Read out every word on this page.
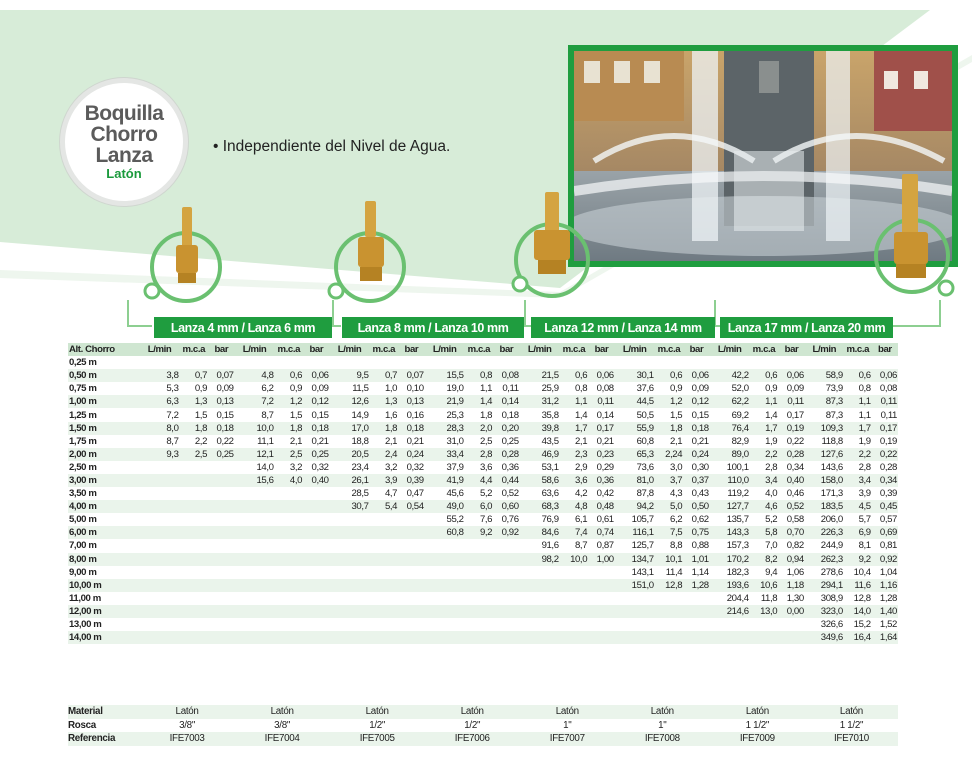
Boquilla
Chorro
Lanza
Latón
• Independiente del Nivel de Agua.
Lanza 4 mm / Lanza 6 mm	Lanza 8 mm / Lanza 10 mm	Lanza 12 mm / Lanza 14 mm	Lanza 17 mm / Lanza 20 mm
Alt. Chorro	L/min	m.c.a	bar	L/min	m.c.a	bar	L/min	m.c.a	bar	L/min	m.c.a	bar	L/min	m.c.a	bar	L/min	m.c.a	bar	L/min	m.c.a	bar	L/min	m.c.a	bar
0,25 m																								
0,50 m	3,8	0,7	0,07	4,8	0,6	0,06	9,5	0,7	0,07	15,5	0,8	0,08	21,5	0,6	0,06	30,1	0,6	0,06	42,2	0,6	0,06	58,9	0,6	0,06
0,75 m	5,3	0,9	0,09	6,2	0,9	0,09	11,5	1,0	0,10	19,0	1,1	0,11	25,9	0,8	0,08	37,6	0,9	0,09	52,0	0,9	0,09	73,9	0,8	0,08
1,00 m	6,3	1,3	0,13	7,2	1,2	0,12	12,6	1,3	0,13	21,9	1,4	0,14	31,2	1,1	0,11	44,5	1,2	0,12	62,2	1,1	0,11	87,3	1,1	0,11
1,25 m	7,2	1,5	0,15	8,7	1,5	0,15	14,9	1,6	0,16	25,3	1,8	0,18	35,8	1,4	0,14	50,5	1,5	0,15	69,2	1,4	0,17	87,3	1,1	0,11
1,50 m	8,0	1,8	0,18	10,0	1,8	0,18	17,0	1,8	0,18	28,3	2,0	0,20	39,8	1,7	0,17	55,9	1,8	0,18	76,4	1,7	0,19	109,3	1,7	0,17
1,75 m	8,7	2,2	0,22	11,1	2,1	0,21	18,8	2,1	0,21	31,0	2,5	0,25	43,5	2,1	0,21	60,8	2,1	0,21	82,9	1,9	0,22	118,8	1,9	0,19
2,00 m	9,3	2,5	0,25	12,1	2,5	0,25	20,5	2,4	0,24	33,4	2,8	0,28	46,9	2,3	0,23	65,3	2,24	0,24	89,0	2,2	0,28	127,6	2,2	0,22
2,50 m				14,0	3,2	0,32	23,4	3,2	0,32	37,9	3,6	0,36	53,1	2,9	0,29	73,6	3,0	0,30	100,1	2,8	0,34	143,6	2,8	0,28
3,00 m				15,6	4,0	0,40	26,1	3,9	0,39	41,9	4,4	0,44	58,6	3,6	0,36	81,0	3,7	0,37	110,0	3,4	0,40	158,0	3,4	0,34
3,50 m							28,5	4,7	0,47	45,6	5,2	0,52	63,6	4,2	0,42	87,8	4,3	0,43	119,2	4,0	0,46	171,3	3,9	0,39
4,00 m							30,7	5,4	0,54	49,0	6,0	0,60	68,3	4,8	0,48	94,2	5,0	0,50	127,7	4,6	0,52	183,5	4,5	0,45
5,00 m										55,2	7,6	0,76	76,9	6,1	0,61	105,7	6,2	0,62	135,7	5,2	0,58	206,0	5,7	0,57
6,00 m										60,8	9,2	0,92	84,6	7,4	0,74	116,1	7,5	0,75	143,3	5,8	0,70	226,3	6,9	0,69
7,00 m													91,6	8,7	0,87	125,7	8,8	0,88	157,3	7,0	0,82	244,9	8,1	0,81
8,00 m													98,2	10,0	1,00	134,7	10,1	1,01	170,2	8,2	0,94	262,3	9,2	0,92
9,00 m																143,1	11,4	1,14	182,3	9,4	1,06	278,6	10,4	1,04
10,00 m																151,0	12,8	1,28	193,6	10,6	1,18	294,1	11,6	1,16
11,00 m																			204,4	11,8	1,30	308,9	12,8	1,28
12,00 m																			214,6	13,0	0,00	323,0	14,0	1,40
13,00 m																						326,6	15,2	1,52
14,00 m																						349,6	16,4	1,64
Material	Latón	Latón	Latón	Latón	Latón	Latón	Latón	Latón
Rosca	3/8"	3/8"	1/2"	1/2"	1"	1"	1 1/2"	1 1/2"
Referencia	IFE7003	IFE7004	IFE7005	IFE7006	IFE7007	IFE7008	IFE7009	IFE7010
